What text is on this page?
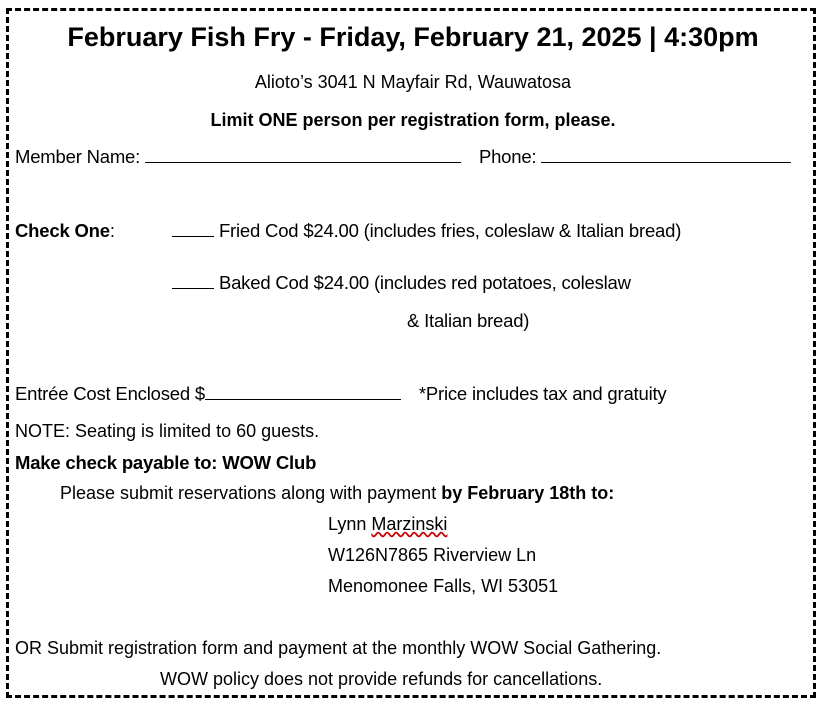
February Fish Fry - Friday, February 21, 2025 | 4:30pm
Alioto’s 3041 N Mayfair Rd, Wauwatosa
Limit ONE person per registration form, please.
Member Name:	Phone:
Check One:	Fried Cod $24.00 (includes fries, coleslaw & Italian bread)
Baked Cod $24.00 (includes red potatoes, coleslaw
& Italian bread)
Entrée Cost Enclosed $	*Price includes tax and gratuity
NOTE: Seating is limited to 60 guests.
Make check payable to: WOW Club
Please submit reservations along with payment by February 18th to:
Lynn Marzinski
W126N7865 Riverview Ln
Menomonee Falls, WI 53051
OR Submit registration form and payment at the monthly WOW Social Gathering.
WOW policy does not provide refunds for cancellations.
